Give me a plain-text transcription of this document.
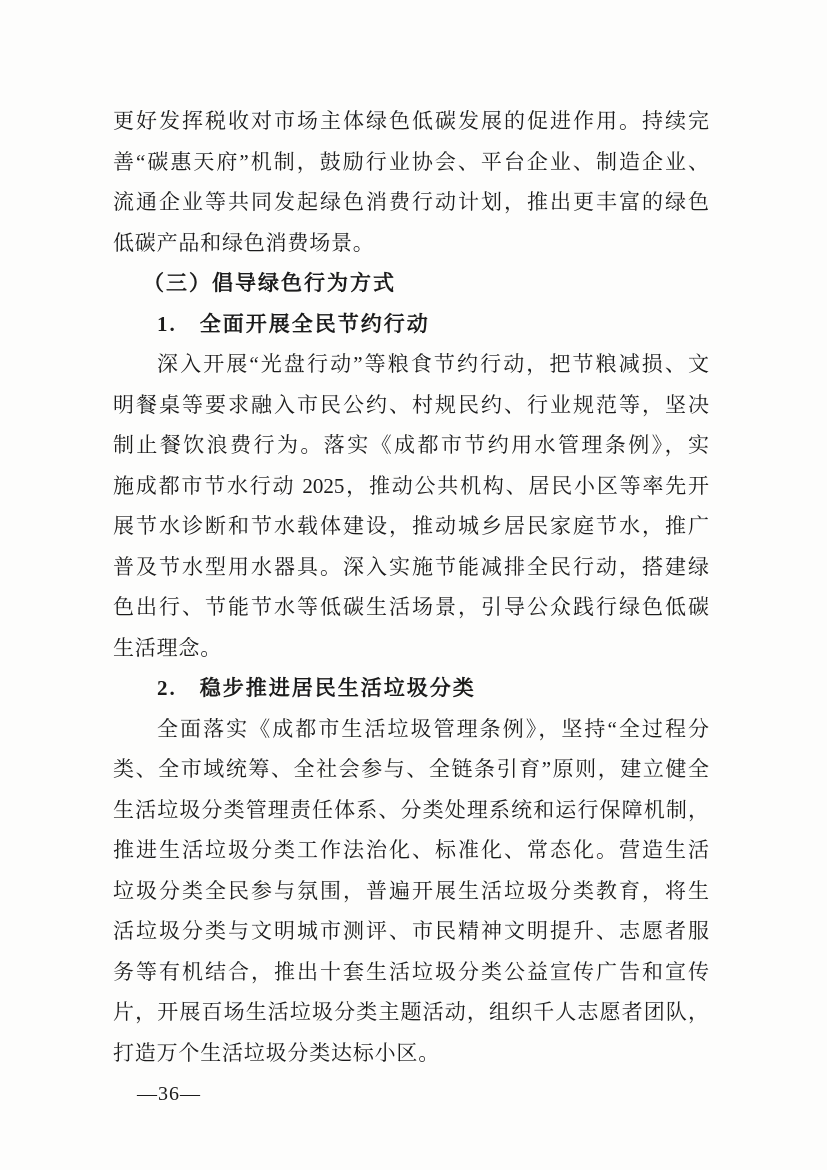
更好发挥税收对市场主体绿色低碳发展的促进作用。持续完
善“碳惠天府”机制，鼓励行业协会、平台企业、制造企业、
流通企业等共同发起绿色消费行动计划，推出更丰富的绿色
低碳产品和绿色消费场景。
（三）倡导绿色行为方式
1.　全面开展全民节约行动
深入开展“光盘行动”等粮食节约行动，把节粮减损、文
明餐桌等要求融入市民公约、村规民约、行业规范等，坚决
制止餐饮浪费行为。落实《成都市节约用水管理条例》，实
施成都市节水行动 2025，推动公共机构、居民小区等率先开
展节水诊断和节水载体建设，推动城乡居民家庭节水，推广
普及节水型用水器具。深入实施节能减排全民行动，搭建绿
色出行、节能节水等低碳生活场景，引导公众践行绿色低碳
生活理念。
2.　稳步推进居民生活垃圾分类
全面落实《成都市生活垃圾管理条例》，坚持“全过程分
类、全市域统筹、全社会参与、全链条引育”原则，建立健全
生活垃圾分类管理责任体系、分类处理系统和运行保障机制，
推进生活垃圾分类工作法治化、标准化、常态化。营造生活
垃圾分类全民参与氛围，普遍开展生活垃圾分类教育，将生
活垃圾分类与文明城市测评、市民精神文明提升、志愿者服
务等有机结合，推出十套生活垃圾分类公益宣传广告和宣传
片，开展百场生活垃圾分类主题活动，组织千人志愿者团队，
打造万个生活垃圾分类达标小区。
—36—
